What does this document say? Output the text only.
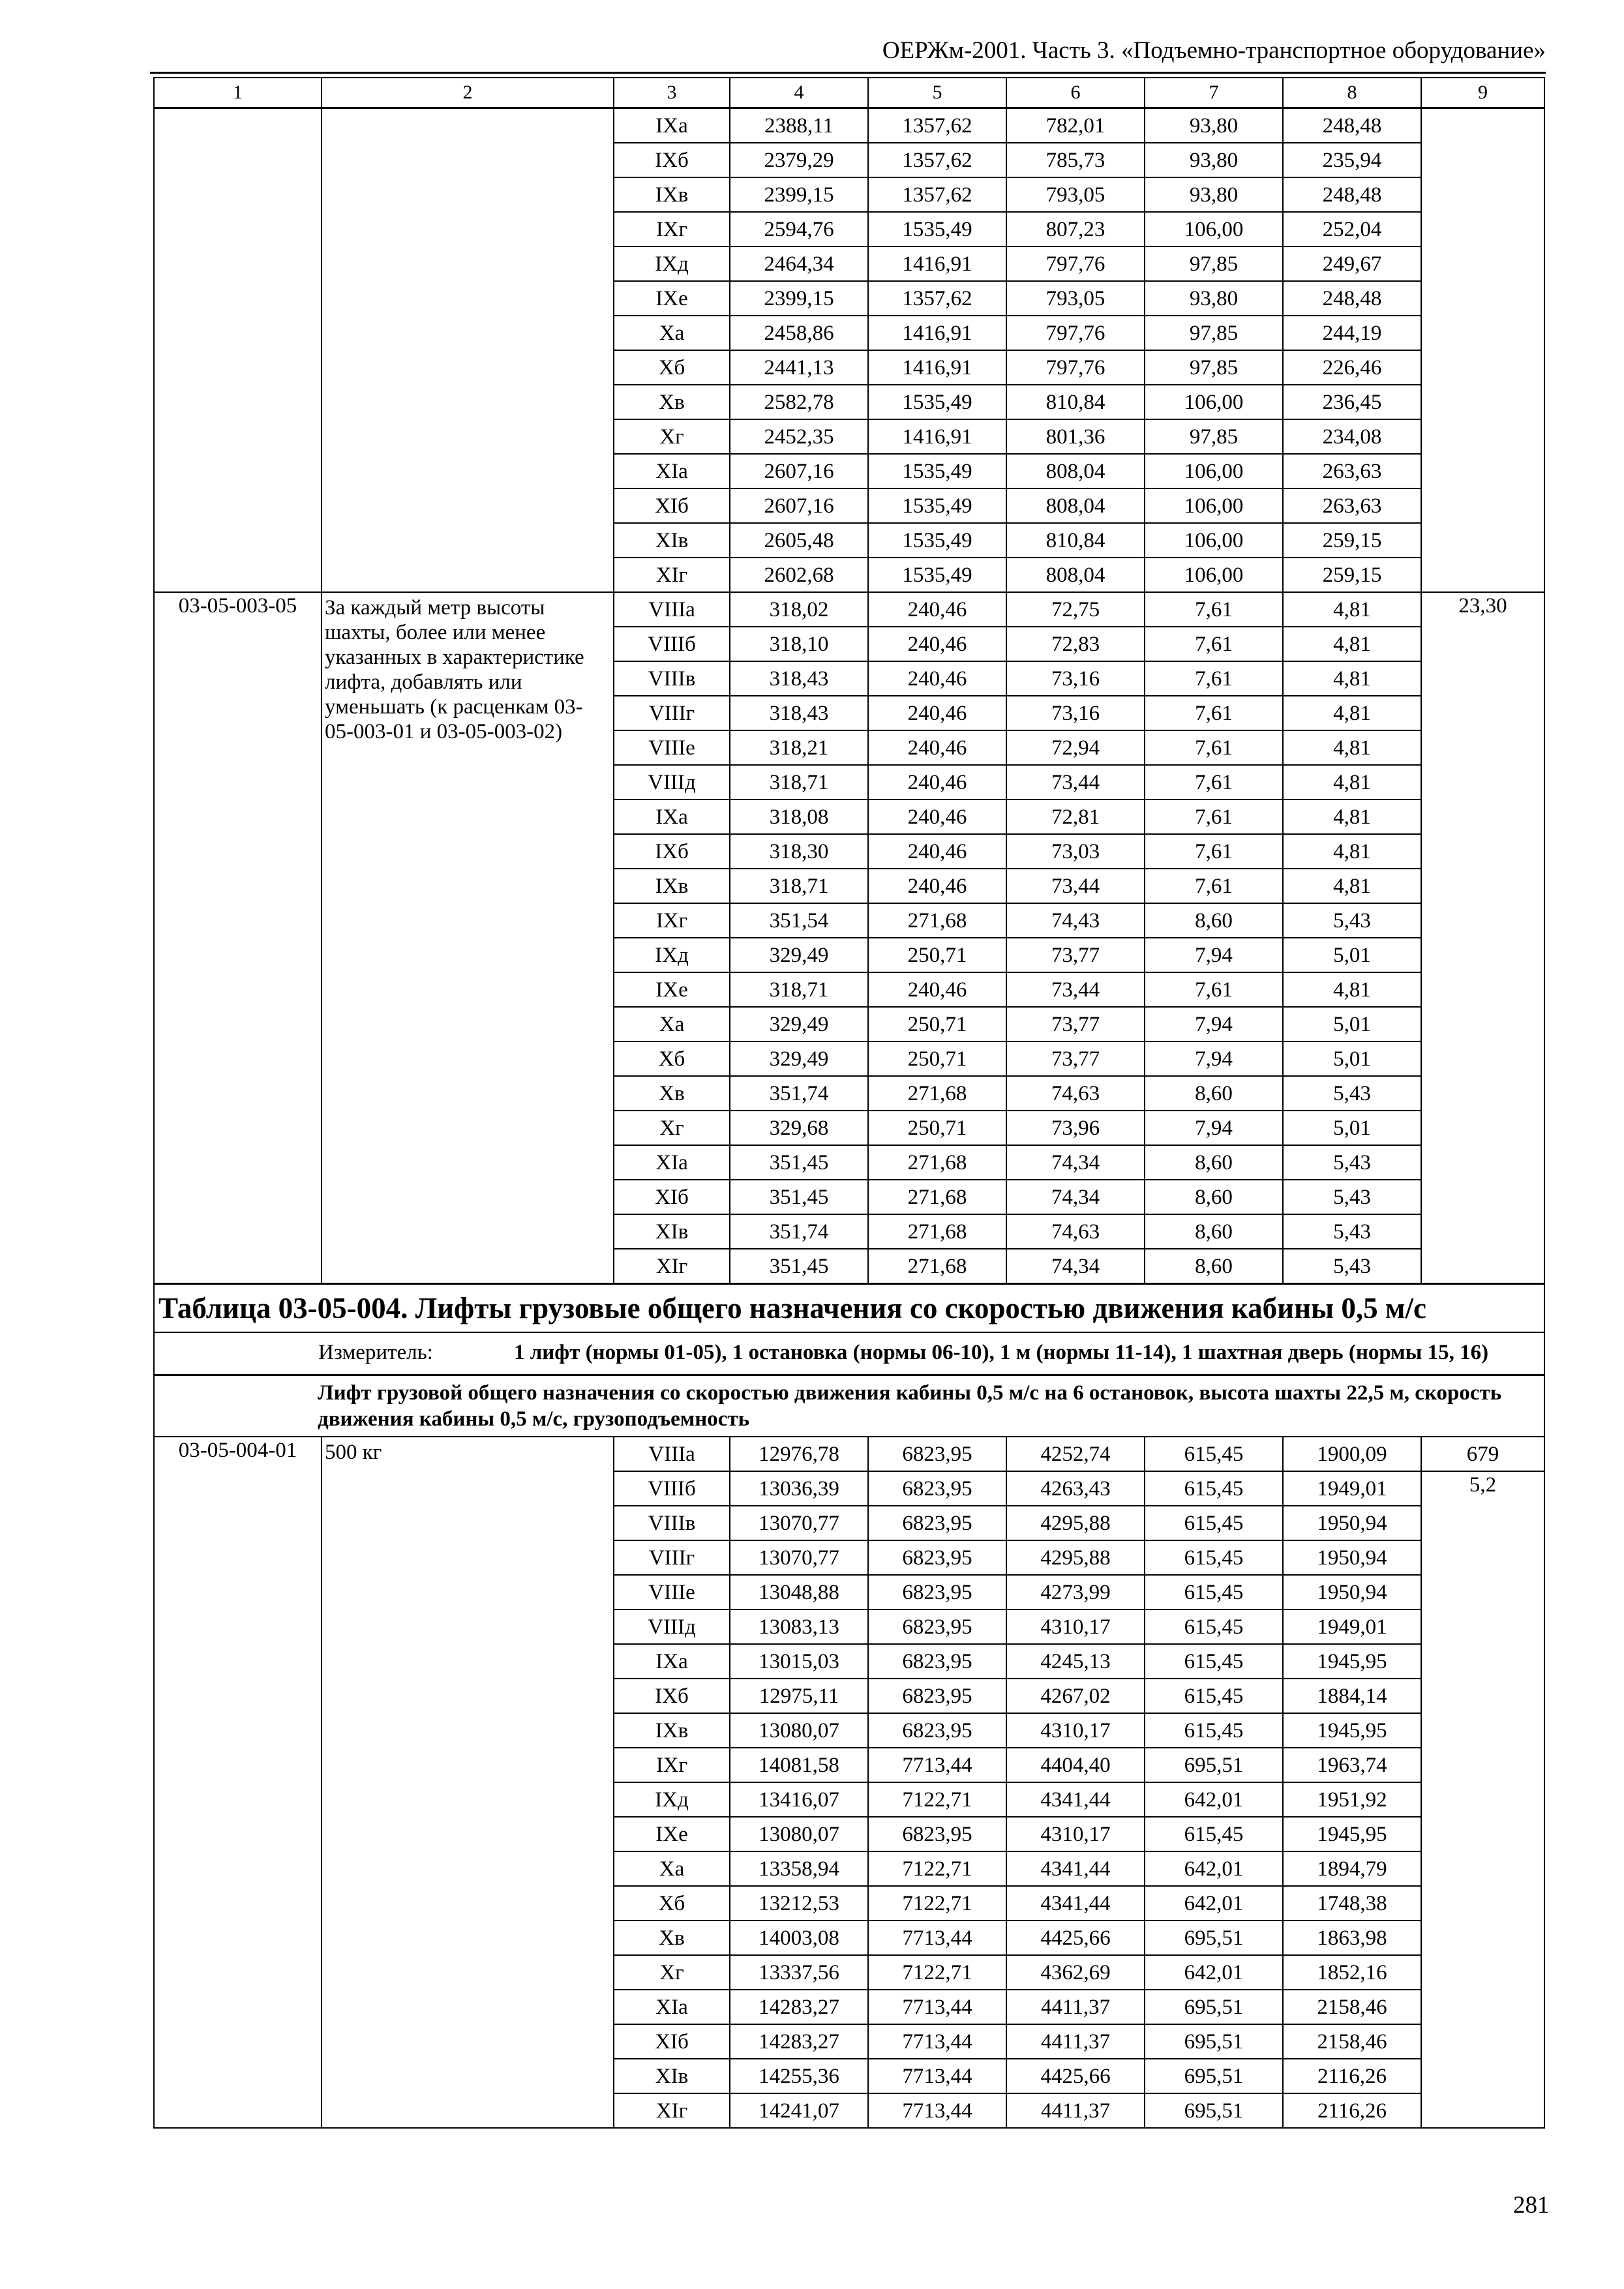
ОЕРЖм-2001. Часть 3. «Подъемно-транспортное оборудование»
1	2	3	4	5	6	7	8	9
		IXа	2388,11	1357,62	782,01	93,80	248,48	
		IXб	2379,29	1357,62	785,73	93,80	235,94	
		IXв	2399,15	1357,62	793,05	93,80	248,48	
		IXг	2594,76	1535,49	807,23	106,00	252,04	
		IXд	2464,34	1416,91	797,76	97,85	249,67	
		IXе	2399,15	1357,62	793,05	93,80	248,48	
		Xа	2458,86	1416,91	797,76	97,85	244,19	
		Xб	2441,13	1416,91	797,76	97,85	226,46	
		Xв	2582,78	1535,49	810,84	106,00	236,45	
		Xг	2452,35	1416,91	801,36	97,85	234,08	
		XIа	2607,16	1535,49	808,04	106,00	263,63	
		XIб	2607,16	1535,49	808,04	106,00	263,63	
		XIв	2605,48	1535,49	810,84	106,00	259,15	
		XIг	2602,68	1535,49	808,04	106,00	259,15	
03-05-003-05	За каждый метр высоты шахты, более или менее указанных в характеристике лифта, добавлять или уменьшать (к расценкам 03-05-003-01 и 03-05-003-02)	VIIIа	318,02	240,46	72,75	7,61	4,81	23,30
		VIIIб	318,10	240,46	72,83	7,61	4,81	
		VIIIв	318,43	240,46	73,16	7,61	4,81	
		VIIIг	318,43	240,46	73,16	7,61	4,81	
		VIIIе	318,21	240,46	72,94	7,61	4,81	
		VIIIд	318,71	240,46	73,44	7,61	4,81	
		IXа	318,08	240,46	72,81	7,61	4,81	
		IXб	318,30	240,46	73,03	7,61	4,81	
		IXв	318,71	240,46	73,44	7,61	4,81	
		IXг	351,54	271,68	74,43	8,60	5,43	
		IXд	329,49	250,71	73,77	7,94	5,01	
		IXе	318,71	240,46	73,44	7,61	4,81	
		Xа	329,49	250,71	73,77	7,94	5,01	
		Xб	329,49	250,71	73,77	7,94	5,01	
		Xв	351,74	271,68	74,63	8,60	5,43	
		Xг	329,68	250,71	73,96	7,94	5,01	
		XIа	351,45	271,68	74,34	8,60	5,43	
		XIб	351,45	271,68	74,34	8,60	5,43	
		XIв	351,74	271,68	74,63	8,60	5,43	
		XIг	351,45	271,68	74,34	8,60	5,43	
Таблица 03-05-004. Лифты грузовые общего назначения со скоростью движения кабины 0,5 м/с								

Измеритель: 1 лифт (нормы 01-05), 1 остановка (нормы 06-10), 1 м (нормы 11-14), 1 шахтная дверь (нормы 15, 16)								

Лифт грузовой общего назначения со скоростью движения кабины 0,5 м/с на 6 остановок, высота шахты 22,5 м, скорость движения кабины 0,5 м/с, грузоподъемность								
03-05-004-01	500 кг	VIIIа	12976,78	6823,95	4252,74	615,45	1900,09	679
		VIIIб	13036,39	6823,95	4263,43	615,45	1949,01	5,2
		VIIIв	13070,77	6823,95	4295,88	615,45	1950,94	
		VIIIг	13070,77	6823,95	4295,88	615,45	1950,94	
		VIIIе	13048,88	6823,95	4273,99	615,45	1950,94	
		VIIIд	13083,13	6823,95	4310,17	615,45	1949,01	
		IXа	13015,03	6823,95	4245,13	615,45	1945,95	
		IXб	12975,11	6823,95	4267,02	615,45	1884,14	
		IXв	13080,07	6823,95	4310,17	615,45	1945,95	
		IXг	14081,58	7713,44	4404,40	695,51	1963,74	
		IXд	13416,07	7122,71	4341,44	642,01	1951,92	
		IXе	13080,07	6823,95	4310,17	615,45	1945,95	
		Xа	13358,94	7122,71	4341,44	642,01	1894,79	
		Xб	13212,53	7122,71	4341,44	642,01	1748,38	
		Xв	14003,08	7713,44	4425,66	695,51	1863,98	
		Xг	13337,56	7122,71	4362,69	642,01	1852,16	
		XIа	14283,27	7713,44	4411,37	695,51	2158,46	
		XIб	14283,27	7713,44	4411,37	695,51	2158,46	
		XIв	14255,36	7713,44	4425,66	695,51	2116,26	
		XIг	14241,07	7713,44	4411,37	695,51	2116,26	
281
